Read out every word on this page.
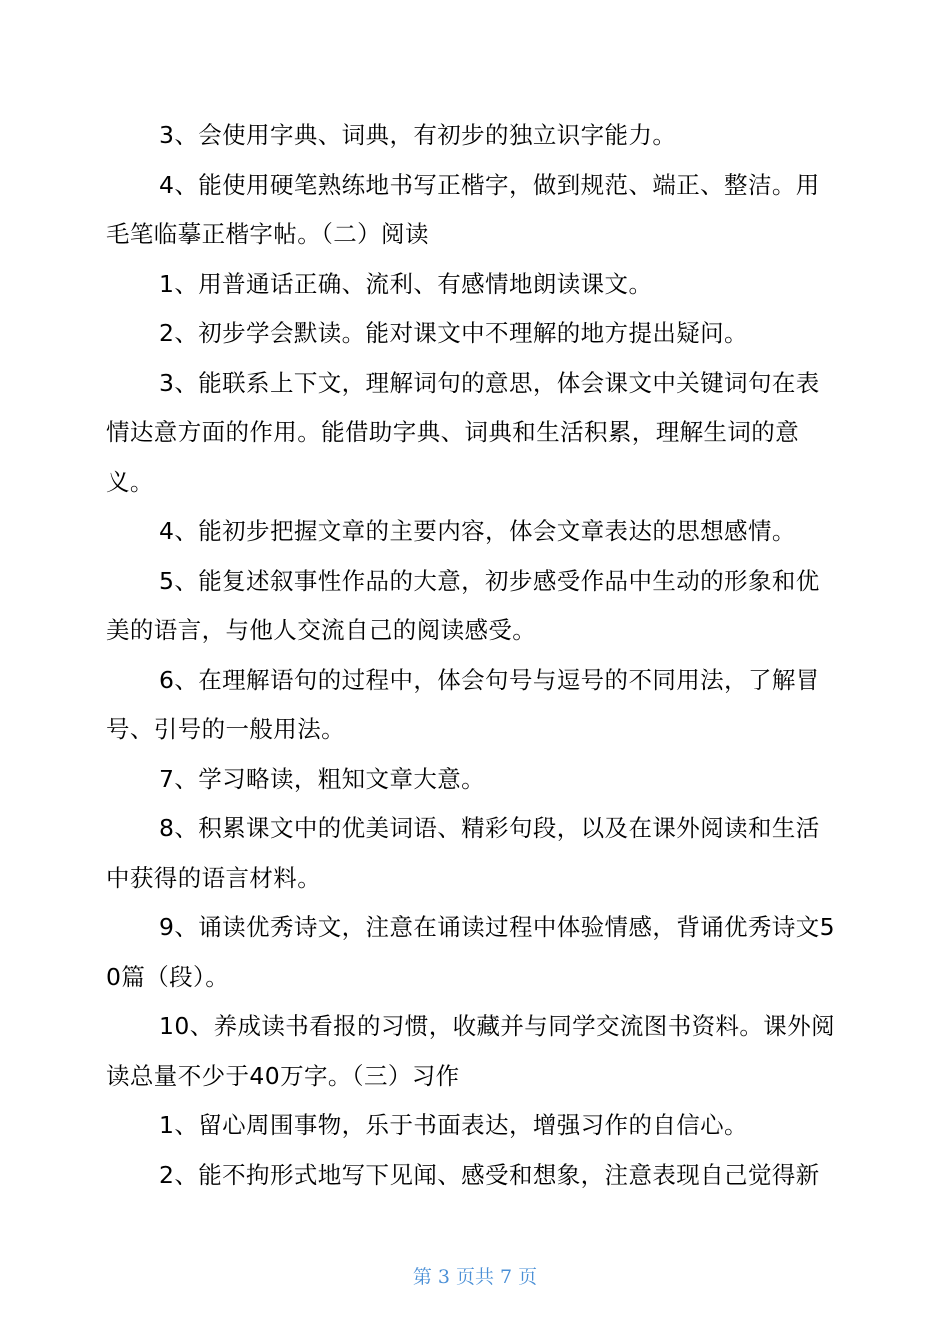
3、会使用字典、词典，有初步的独立识字能力。

4、能使用硬笔熟练地书写正楷字，做到规范、端正、整洁。用毛笔临摹正楷字帖。（二）阅读

1、用普通话正确、流利、有感情地朗读课文。

2、初步学会默读。能对课文中不理解的地方提出疑问。

3、能联系上下文，理解词句的意思，体会课文中关键词句在表情达意方面的作用。能借助字典、词典和生活积累，理解生词的意义。

4、能初步把握文章的主要内容，体会文章表达的思想感情。

5、能复述叙事性作品的大意，初步感受作品中生动的形象和优美的语言，与他人交流自己的阅读感受。

6、在理解语句的过程中，体会句号与逗号的不同用法，了解冒号、引号的一般用法。

7、学习略读，粗知文章大意。

8、积累课文中的优美词语、精彩句段，以及在课外阅读和生活中获得的语言材料。

9、诵读优秀诗文，注意在诵读过程中体验情感，背诵优秀诗文50篇（段）。

10、养成读书看报的习惯，收藏并与同学交流图书资料。课外阅读总量不少于40万字。（三）习作

1、留心周围事物，乐于书面表达，增强习作的自信心。

2、能不拘形式地写下见闻、感受和想象，注意表现自己觉得新

第 3 页共 7 页
